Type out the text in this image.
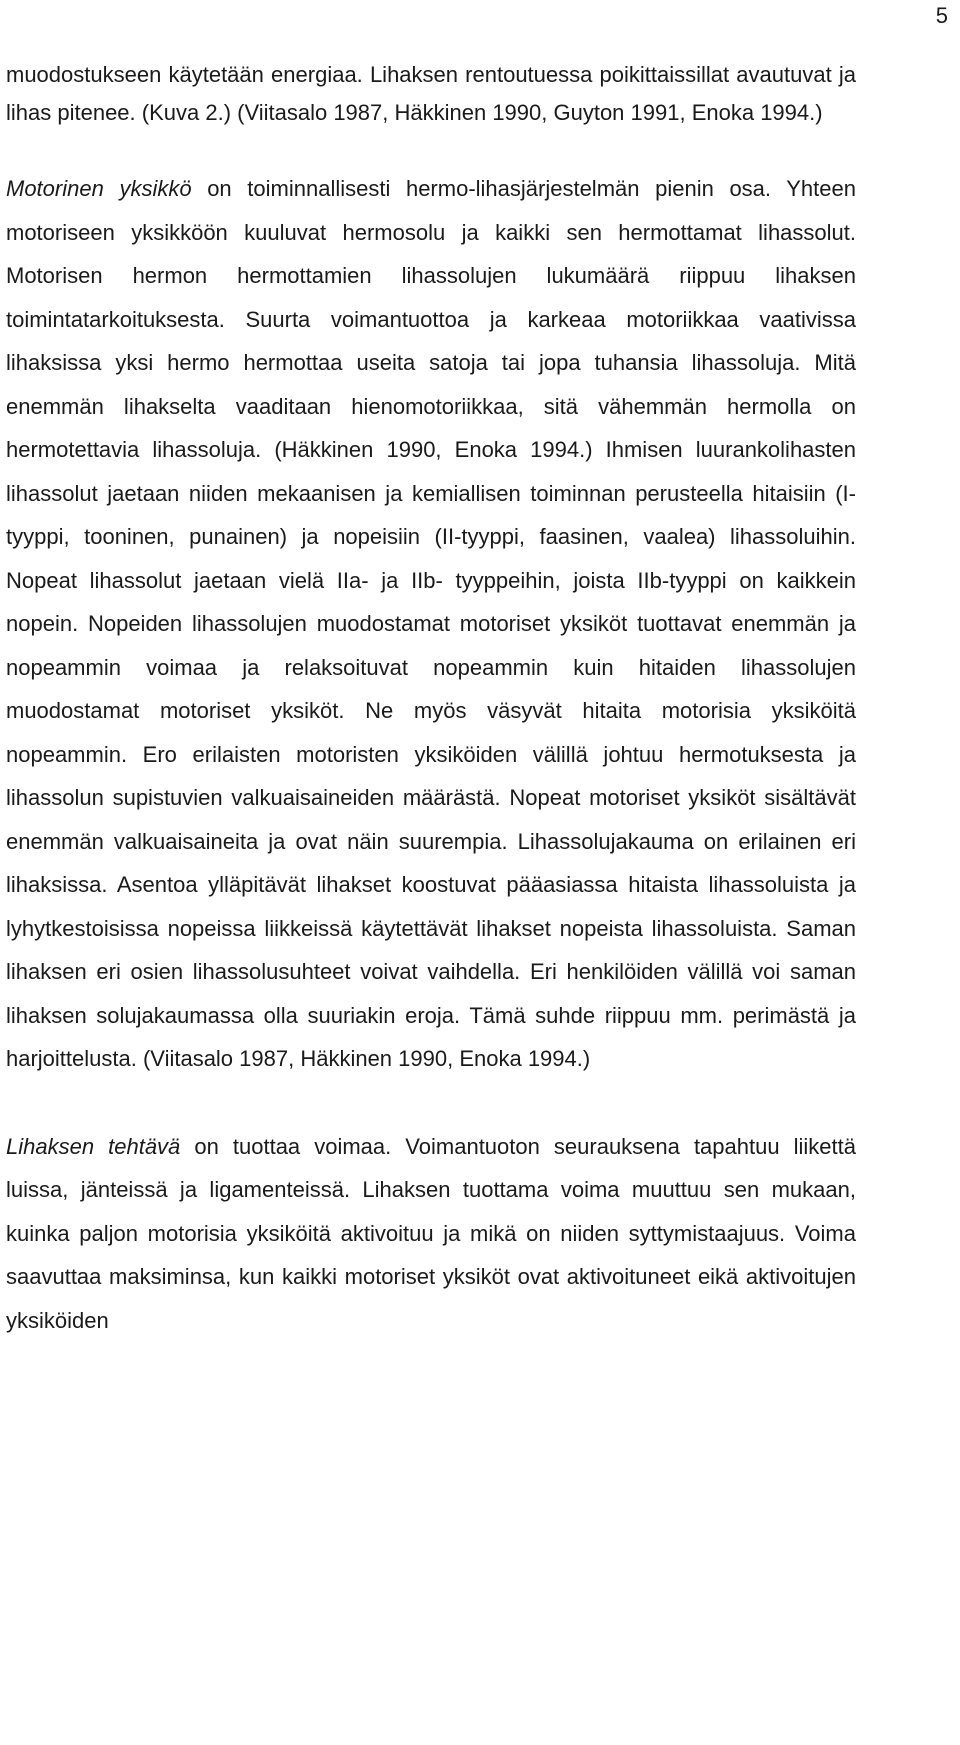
5

muodostukseen käytetään energiaa. Lihaksen rentoutuessa poikittaissillat avautuvat ja lihas pitenee. (Kuva 2.) (Viitasalo 1987, Häkkinen 1990, Guyton 1991, Enoka 1994.)

Motorinen yksikkö on toiminnallisesti hermo-lihasjärjestelmän pienin osa. Yhteen motoriseen yksikköön kuuluvat hermosolu ja kaikki sen hermottamat lihassolut. Motorisen hermon hermottamien lihassolujen lukumäärä riippuu lihaksen toimintatarkoituksesta. Suurta voimantuottoa ja karkeaa motoriikkaa vaativissa lihaksissa yksi hermo hermottaa useita satoja tai jopa tuhansia lihassoluja. Mitä enemmän lihakselta vaaditaan hienomotoriikkaa, sitä vähemmän hermolla on hermotettavia lihassoluja. (Häkkinen 1990, Enoka 1994.) Ihmisen luurankolihasten lihassolut jaetaan niiden mekaanisen ja kemiallisen toiminnan perusteella hitaisiin (I-tyyppi, tooninen, punainen) ja nopeisiin (II-tyyppi, faasinen, vaalea) lihassoluihin. Nopeat lihassolut jaetaan vielä IIa- ja IIb- tyyppeihin, joista IIb-tyyppi on kaikkein nopein. Nopeiden lihassolujen muodostamat motoriset yksiköt tuottavat enemmän ja nopeammin voimaa ja relaksoituvat nopeammin kuin hitaiden lihassolujen muodostamat motoriset yksiköt. Ne myös väsyvät hitaita motorisia yksiköitä nopeammin. Ero erilaisten motoristen yksiköiden välillä johtuu hermotuksesta ja lihassolun supistuvien valkuaisaineiden määrästä. Nopeat motoriset yksiköt sisältävät enemmän valkuaisaineita ja ovat näin suurempia. Lihassolujakauma on erilainen eri lihaksissa. Asentoa ylläpitävät lihakset koostuvat pääasiassa hitaista lihassoluista ja lyhytkestoisissa nopeissa liikkeissä käytettävät lihakset nopeista lihassoluista. Saman lihaksen eri osien lihassolusuhteet voivat vaihdella. Eri henkilöiden välillä voi saman lihaksen solujakaumassa olla suuriakin eroja. Tämä suhde riippuu mm. perimästä ja harjoittelusta. (Viitasalo 1987, Häkkinen 1990, Enoka 1994.)

Lihaksen tehtävä on tuottaa voimaa. Voimantuoton seurauksena tapahtuu liikettä luissa, jänteissä ja ligamenteissä. Lihaksen tuottama voima muuttuu sen mukaan, kuinka paljon motorisia yksiköitä aktivoituu ja mikä on niiden syttymistaajuus. Voima saavuttaa maksiminsa, kun kaikki motoriset yksiköt ovat aktivoituneet eikä aktivoitujen yksiköiden
